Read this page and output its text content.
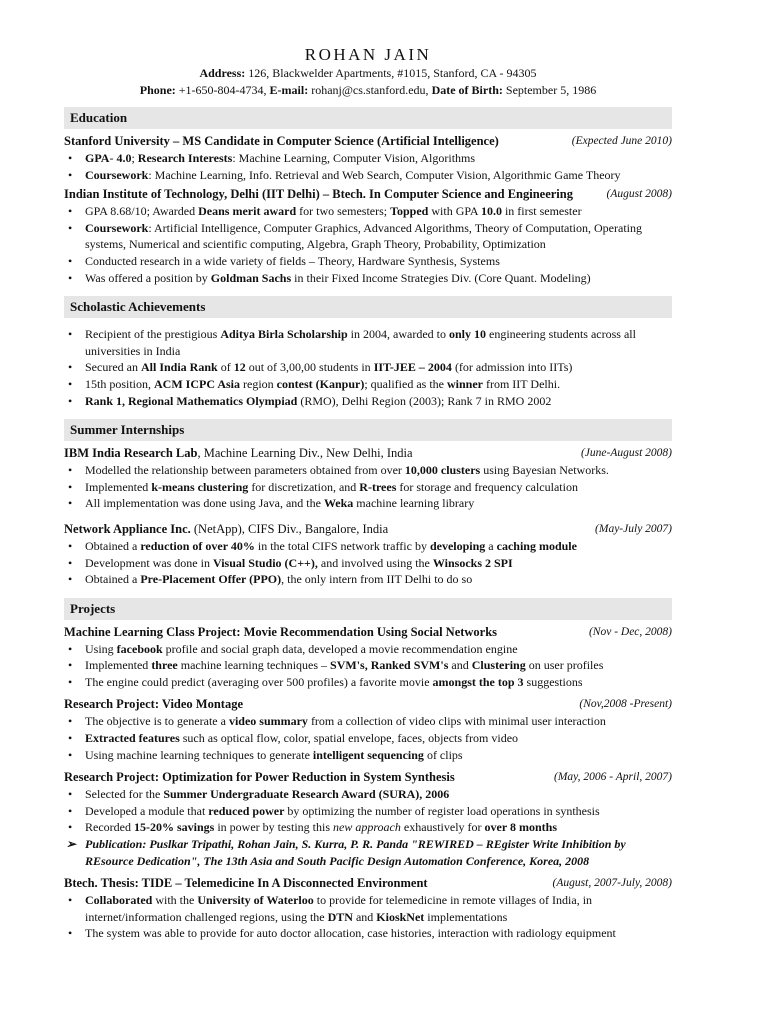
ROHAN JAIN
Address: 126, Blackwelder Apartments, #1015, Stanford, CA - 94305
Phone: +1-650-804-4734, E-mail: rohanj@cs.stanford.edu, Date of Birth: September 5, 1986
Education
Stanford University – MS Candidate in Computer Science (Artificial Intelligence)	(Expected June 2010)
• GPA‑ 4.0; Research Interests: Machine Learning, Computer Vision, Algorithms
• Coursework: Machine Learning, Info. Retrieval and Web Search, Computer Vision, Algorithmic Game Theory
Indian Institute of Technology, Delhi (IIT Delhi) – Btech. In Computer Science and Engineering	(August 2008)
• GPA 8.68/10; Awarded Deans merit award for two semesters; Topped with GPA 10.0 in first semester
• Coursework: Artificial Intelligence, Computer Graphics, Advanced Algorithms, Theory of Computation, Operating systems, Numerical and scientific computing, Algebra, Graph Theory, Probability, Optimization
• Conducted research in a wide variety of fields – Theory, Hardware Synthesis, Systems
• Was offered a position by Goldman Sachs in their Fixed Income Strategies Div. (Core Quant. Modeling)
Scholastic Achievements
• Recipient of the prestigious Aditya Birla Scholarship in 2004, awarded to only 10 engineering students across all universities in India
• Secured an All India Rank of 12 out of 3,00,00 students in IIT-JEE – 2004 (for admission into IITs)
• 15th position, ACM ICPC Asia region contest (Kanpur); qualified as the winner from IIT Delhi.
• Rank 1, Regional Mathematics Olympiad (RMO), Delhi Region (2003); Rank 7 in RMO 2002
Summer Internships
IBM India Research Lab, Machine Learning Div., New Delhi, India	(June-August 2008)
• Modelled the relationship between parameters obtained from over 10,000 clusters using Bayesian Networks.
• Implemented k-means clustering for discretization, and R-trees for storage and frequency calculation
• All implementation was done using Java, and the Weka machine learning library
Network Appliance Inc. (NetApp), CIFS Div., Bangalore, India	(May-July 2007)
• Obtained a reduction of over 40% in the total CIFS network traffic by developing a caching module
• Development was done in Visual Studio (C++), and involved using the Winsocks 2 SPI
• Obtained a Pre-Placement Offer (PPO), the only intern from IIT Delhi to do so
Projects
Machine Learning Class Project: Movie Recommendation Using Social Networks	(Nov - Dec, 2008)
• Using facebook profile and social graph data, developed a movie recommendation engine
• Implemented three machine learning techniques – SVM's, Ranked SVM's and Clustering on user profiles
• The engine could predict (averaging over 500 profiles) a favorite movie amongst the top 3 suggestions
Research Project: Video Montage	(Nov,2008 -Present)
• The objective is to generate a video summary from a collection of video clips with minimal user interaction
• Extracted features such as optical flow, color, spatial envelope, faces, objects from video
• Using machine learning techniques to generate intelligent sequencing of clips
Research Project: Optimization for Power Reduction in System Synthesis	(May, 2006 - April, 2007)
• Selected for the Summer Undergraduate Research Award (SURA), 2006
• Developed a module that reduced power by optimizing the number of register load operations in synthesis
• Recorded 15-20% savings in power by testing this new approach exhaustively for over 8 months
➢ Publication: Puslkar Tripathi, Rohan Jain, S. Kurra, P. R. Panda "REWIRED – REgister Write Inhibition by REsource Dedication", The 13th Asia and South Pacific Design Automation Conference, Korea, 2008
Btech. Thesis: TIDE – Telemedicine In A Disconnected Environment	(August, 2007-July, 2008)
• Collaborated with the University of Waterloo to provide for telemedicine in remote villages of India, in internet/information challenged regions, using the DTN and KioskNet implementations
• The system was able to provide for auto doctor allocation, case histories, interaction with radiology equipment
